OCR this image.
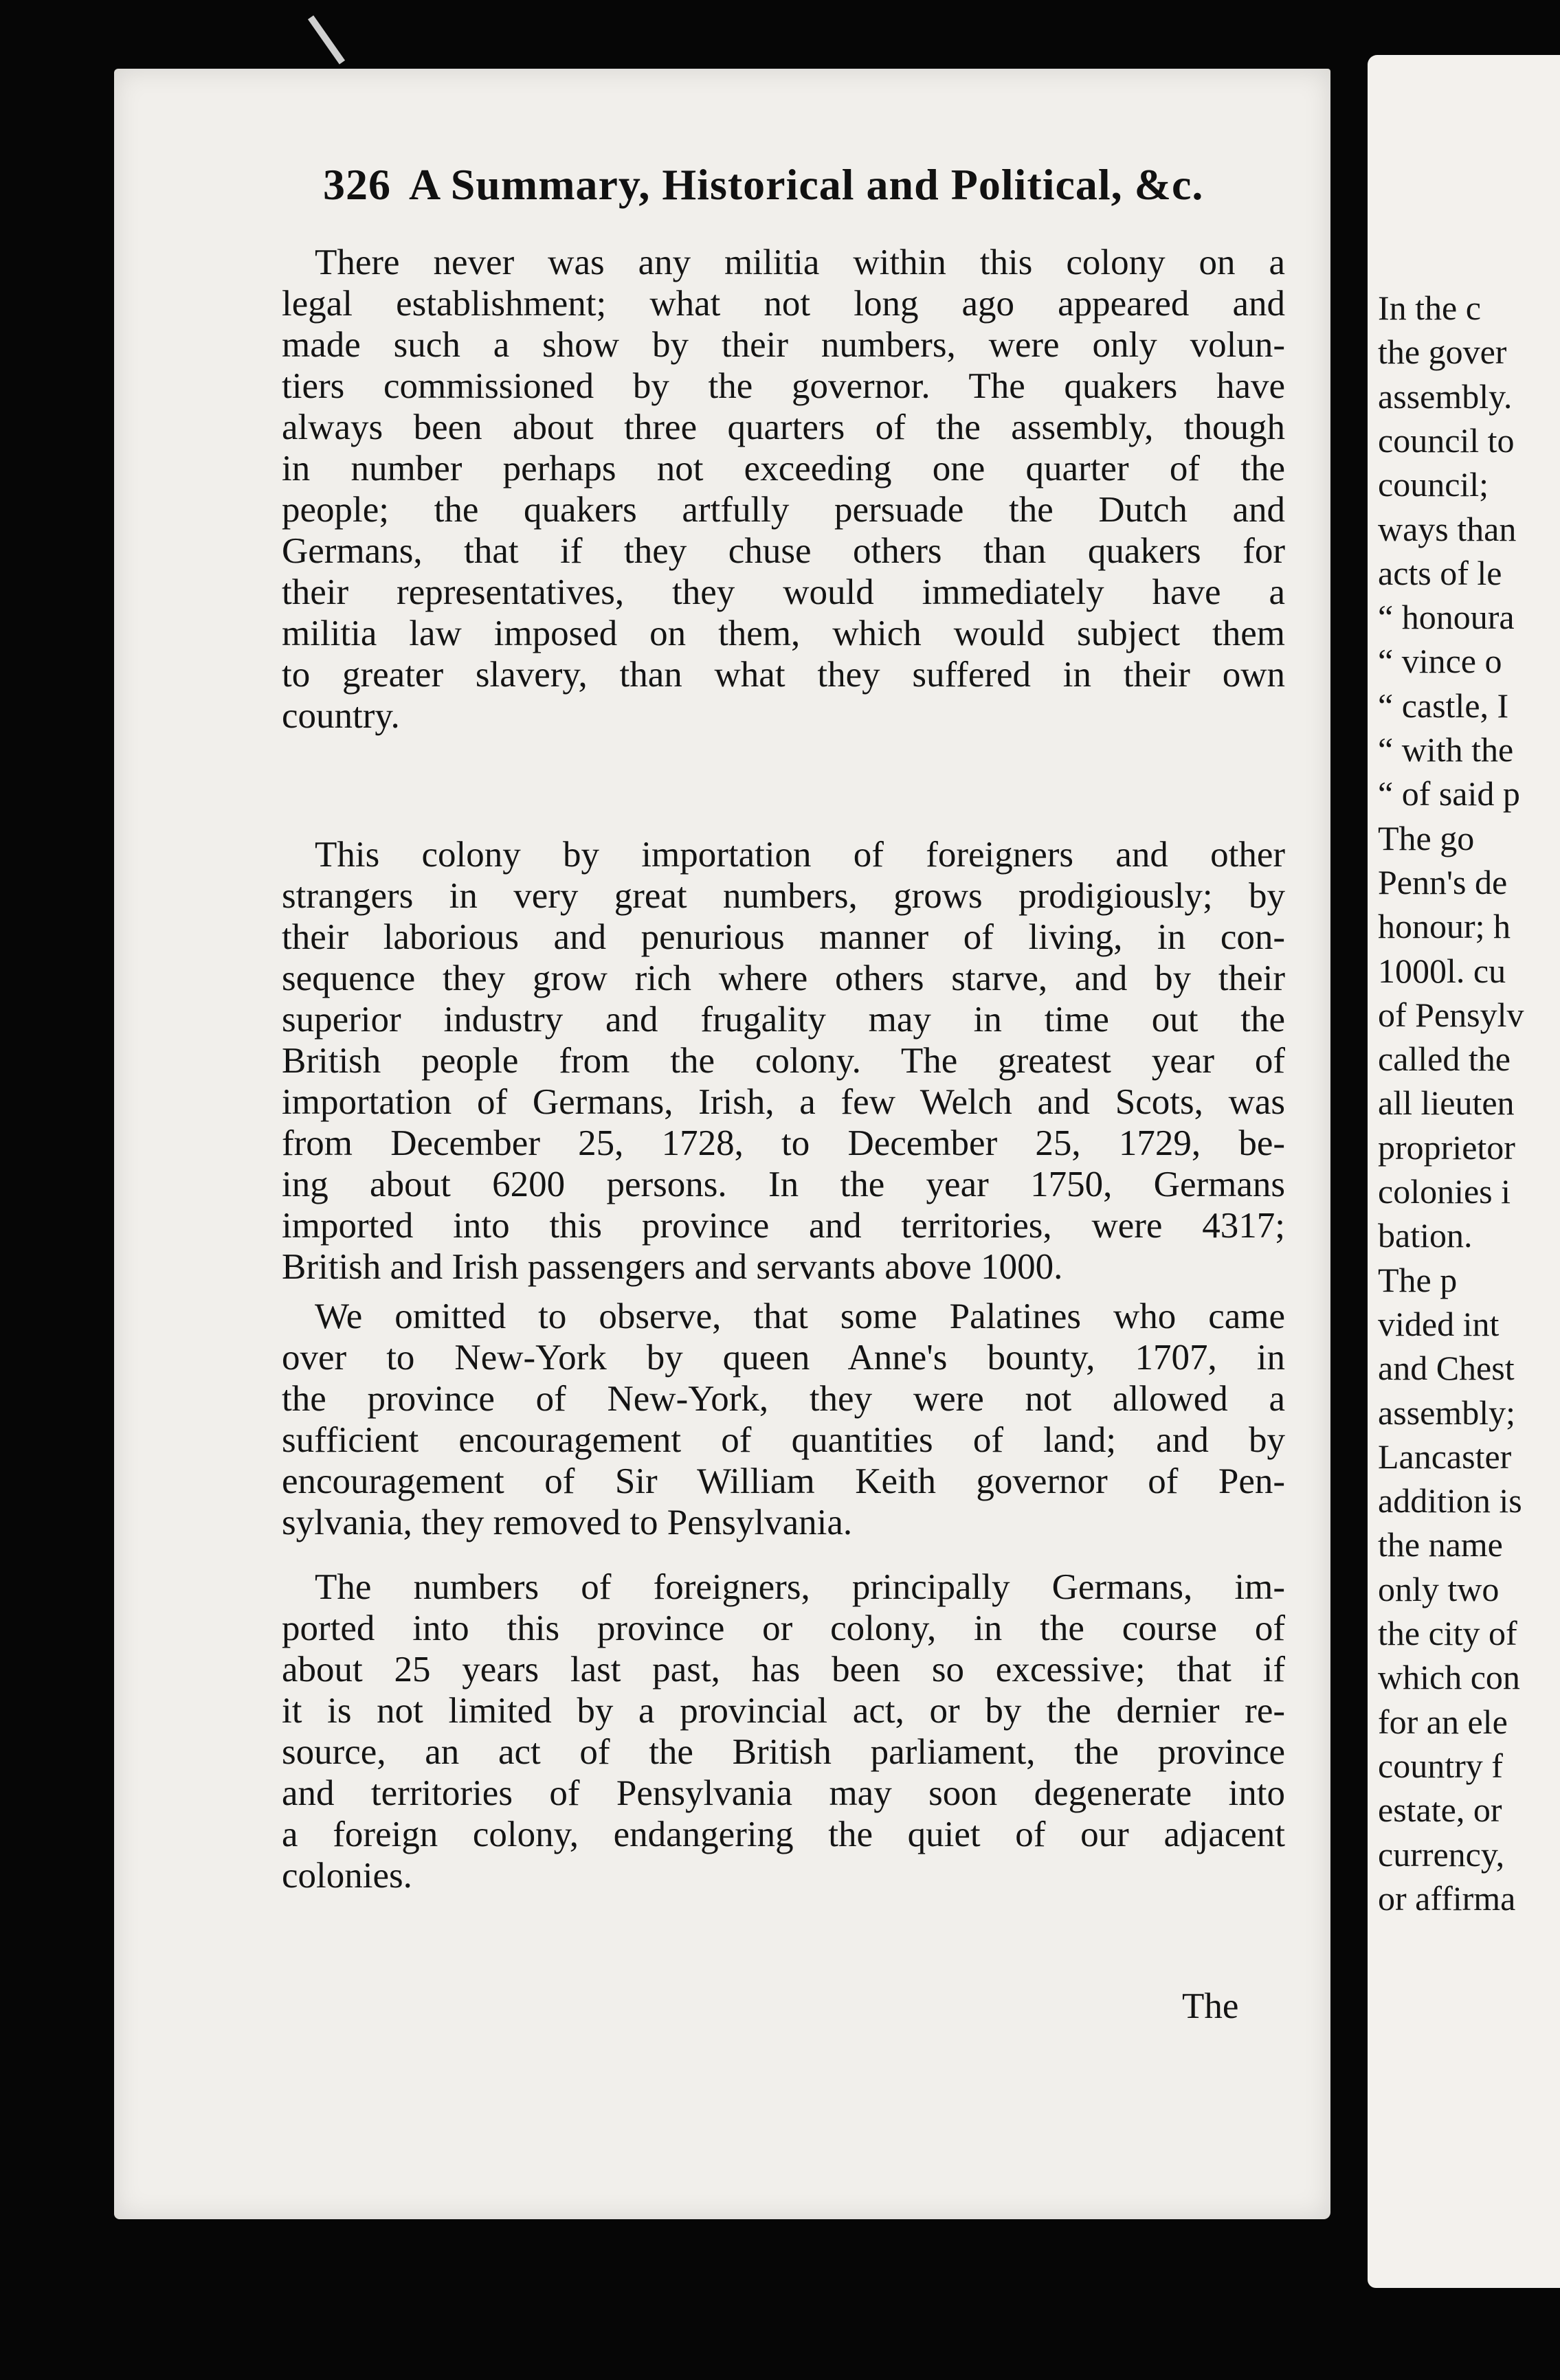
326 A Summary, Historical and Political, &c.

There never was any militia within this colony on a

legal establishment; what not long ago appeared and

made such a show by their numbers, were only volun-

tiers commissioned by the governor. The quakers have

always been about three quarters of the assembly, though

in number perhaps not exceeding one quarter of the

people; the quakers artfully persuade the Dutch and

Germans, that if they chuse others than quakers for

their representatives, they would immediately have a

militia law imposed on them, which would subject them

to greater slavery, than what they suffered in their own

country.

This colony by importation of foreigners and other

strangers in very great numbers, grows prodigiously; by

their laborious and penurious manner of living, in con-

sequence they grow rich where others starve, and by their

superior industry and frugality may in time out the

British people from the colony. The greatest year of

importation of Germans, Irish, a few Welch and Scots, was

from December 25, 1728, to December 25, 1729, be-

ing about 6200 persons. In the year 1750, Germans

imported into this province and territories, were 4317;

British and Irish passengers and servants above 1000.

We omitted to observe, that some Palatines who came

over to New-York by queen Anne's bounty, 1707, in

the province of New-York, they were not allowed a

sufficient encouragement of quantities of land; and by

encouragement of Sir William Keith governor of Pen-

sylvania, they removed to Pensylvania.

The numbers of foreigners, principally Germans, im-

ported into this province or colony, in the course of

about 25 years last past, has been so excessive; that if

it is not limited by a provincial act, or by the dernier re-

source, an act of the British parliament, the province

and territories of Pensylvania may soon degenerate into

a foreign colony, endangering the quiet of our adjacent

colonies.

In the c

the gover

assembly.

council to

council;

ways than

acts of le

“ honoura

“ vince o

“ castle, I

“ with the

“ of said p

The go

Penn's de

honour; h

1000l. cu

of Pensylv

called the

all lieuten

proprietor

colonies i

bation.

The p

vided int

and Chest

assembly;

Lancaster

addition is

the name

only two

the city of

which con

for an ele

country f

estate, or

currency,

or affirma

The
